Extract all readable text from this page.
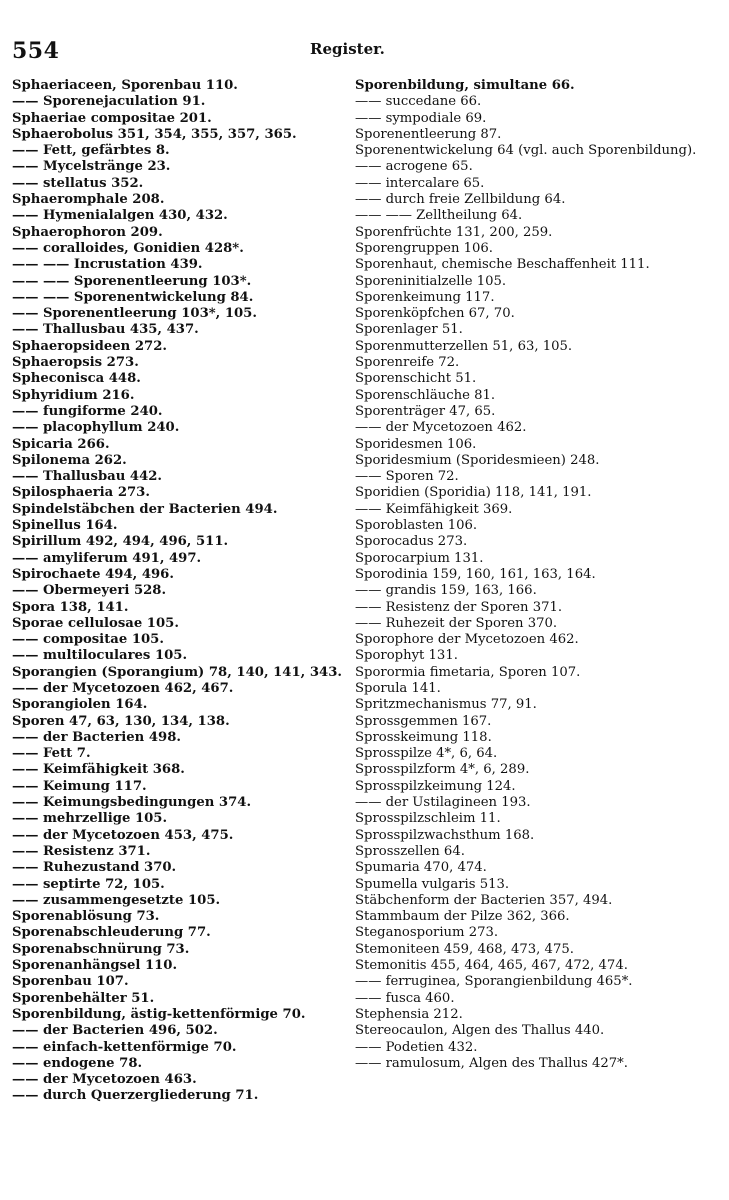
554	Register.
Sphaeriaceen, Sporenbau 110.
—— Sporenejaculation 91.
Sphaeriae compositae 201.
Sphaerobolus 351, 354, 355, 357, 365.
—— Fett, gefärbtes 8.
—— Mycelstränge 23.
—— stellatus 352.
Sphaeromphale 208.
—— Hymenialalgen 430, 432.
Sphaerophoron 209.
—— coralloides, Gonidien 428*.
—— —— Incrustation 439.
—— —— Sporenentleerung 103*.
—— —— Sporenentwickelung 84.
—— Sporenentleerung 103*, 105.
—— Thallusbau 435, 437.
Sphaeropsideen 272.
Sphaeropsis 273.
Spheconisca 448.
Sphyridium 216.
—— fungiforme 240.
—— placophyllum 240.
Spicaria 266.
Spilonema 262.
—— Thallusbau 442.
Spilosphaeria 273.
Spindelstäbchen der Bacterien 494.
Spinellus 164.
Spirillum 492, 494, 496, 511.
—— amyliferum 491, 497.
Spirochaete 494, 496.
—— Obermeyeri 528.
Spora 138, 141.
Sporae cellulosae 105.
—— compositae 105.
—— multiloculares 105.
Sporangien (Sporangium) 78, 140, 141, 343.
—— der Mycetozoen 462, 467.
Sporangiolen 164.
Sporen 47, 63, 130, 134, 138.
—— der Bacterien 498.
—— Fett 7.
—— Keimfähigkeit 368.
—— Keimung 117.
—— Keimungsbedingungen 374.
—— mehrzellige 105.
—— der Mycetozoen 453, 475.
—— Resistenz 371.
—— Ruhezustand 370.
—— septirte 72, 105.
—— zusammengesetzte 105.
Sporenablösung 73.
Sporenabschleuderung 77.
Sporenabschnürung 73.
Sporenanhängsel 110.
Sporenbau 107.
Sporenbehälter 51.
Sporenbildung, ästig-kettenförmige 70.
—— der Bacterien 496, 502.
—— einfach-kettenförmige 70.
—— endogene 78.
—— der Mycetozoen 463.
—— durch Querzergliederung 71.
Sporenbildung, simultane 66.
—— succedane 66.
—— sympodiale 69.
Sporenentleerung 87.
Sporenentwickelung 64 (vgl. auch Sporenbildung).
—— acrogene 65.
—— intercalare 65.
—— durch freie Zellbildung 64.
—— —— Zelltheilung 64.
Sporenfrüchte 131, 200, 259.
Sporengruppen 106.
Sporenhaut, chemische Beschaffenheit 111.
Sporeninitialzelle 105.
Sporenkeimung 117.
Sporenköpfchen 67, 70.
Sporenlager 51.
Sporenmutterzellen 51, 63, 105.
Sporenreife 72.
Sporenschicht 51.
Sporenschläuche 81.
Sporenträger 47, 65.
—— der Mycetozoen 462.
Sporidesmen 106.
Sporidesmium (Sporidesmieen) 248.
—— Sporen 72.
Sporidien (Sporidia) 118, 141, 191.
—— Keimfähigkeit 369.
Sporoblasten 106.
Sporocadus 273.
Sporocarpium 131.
Sporodinia 159, 160, 161, 163, 164.
—— grandis 159, 163, 166.
—— Resistenz der Sporen 371.
—— Ruhezeit der Sporen 370.
Sporophore der Mycetozoen 462.
Sporophyt 131.
Sporormia fimetaria, Sporen 107.
Sporula 141.
Spritzmechanismus 77, 91.
Sprossgemmen 167.
Sprosskeimung 118.
Sprosspilze 4*, 6, 64.
Sprosspilzform 4*, 6, 289.
Sprosspilzkeimung 124.
—— der Ustilagineen 193.
Sprosspilzschleim 11.
Sprosspilzwachsthum 168.
Sprosszellen 64.
Spumaria 470, 474.
Spumella vulgaris 513.
Stäbchenform der Bacterien 357, 494.
Stammbaum der Pilze 362, 366.
Steganosporium 273.
Stemoniteen 459, 468, 473, 475.
Stemonitis 455, 464, 465, 467, 472, 474.
—— ferruginea, Sporangienbildung 465*.
—— fusca 460.
Stephensia 212.
Stereocaulon, Algen des Thallus 440.
—— Podetien 432.
—— ramulosum, Algen des Thallus 427*.
